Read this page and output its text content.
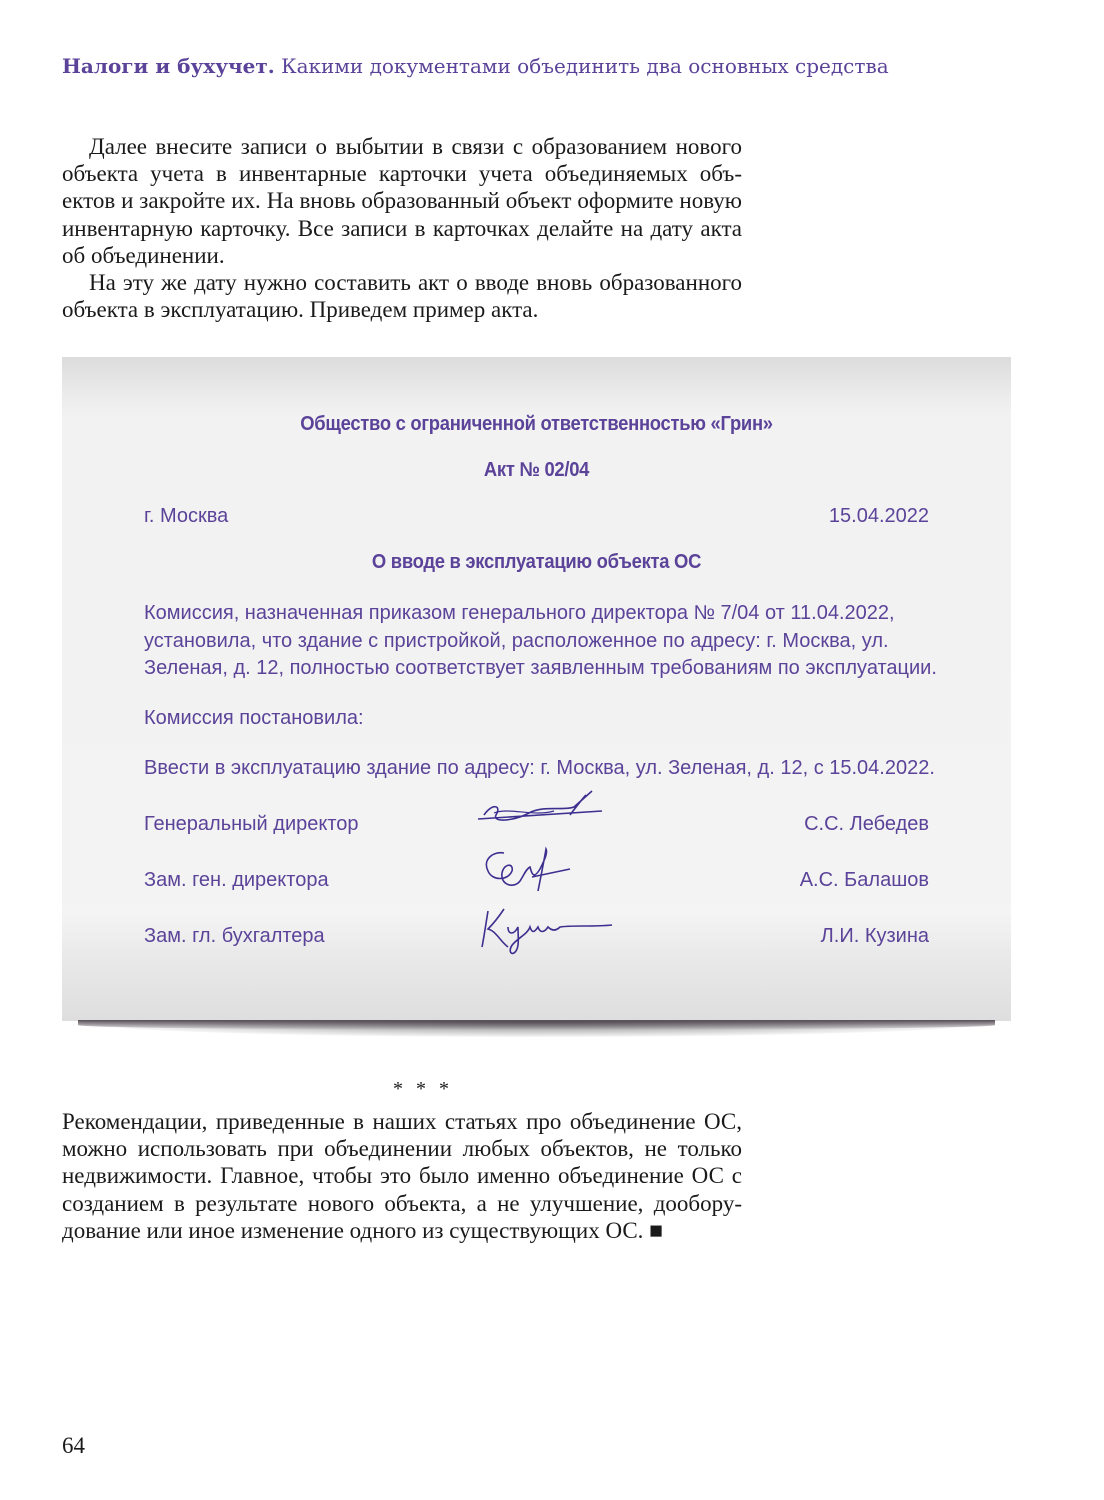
Налоги и бухучет. Какими документами объединить два основных средства

Далее внесите записи о выбытии в связи с образованием нового объекта учета в инвентарные карточки учета объединяемых объектов и закройте их. На вновь образованный объект оформите новую инвентарную карточку. Все записи в карточках делайте на дату акта об объединении.

На эту же дату нужно составить акт о вводе вновь образованного объекта в эксплуатацию. Приведем пример акта.

Общество с ограниченной ответственностью «Грин»
Акт № 02/04
г. Москва	15.04.2022
О вводе в эксплуатацию объекта ОС
Комиссия, назначенная приказом генерального директора № 7/04 от 11.04.2022, установила, что здание с пристройкой, расположенное по адресу: г. Москва, ул. Зеленая, д. 12, полностью соответствует заявленным требованиям по эксплуатации.
Комиссия постановила:
Ввести в эксплуатацию здание по адресу: г. Москва, ул. Зеленая, д. 12, с 15.04.2022.
Генеральный директор	С.С. Лебедев
Зам. ген. директора	А.С. Балашов
Зам. гл. бухгалтера	Л.И. Кузина
* * *

Рекомендации, приведенные в наших статьях про объединение ОС, можно использовать при объединении любых объектов, не только недвижимости. Главное, чтобы это было именно объединение ОС с созданием в результате нового объекта, а не улучшение, дооборудование или иное изменение одного из существующих ОС. ■

64
